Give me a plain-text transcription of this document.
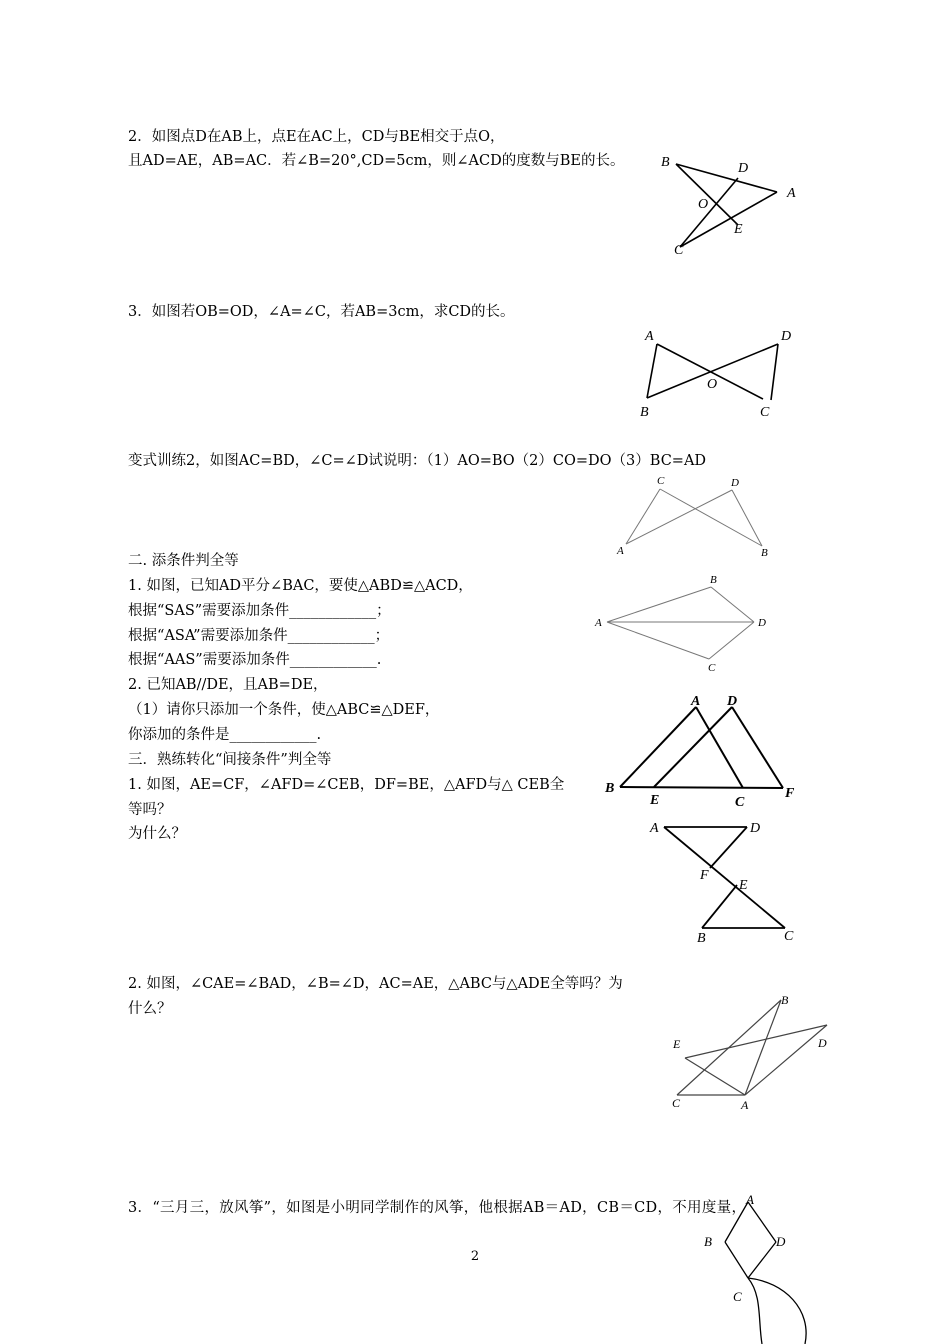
2．如图点D在AB上，点E在AC上，CD与BE相交于点O，
且AD=AE，AB=AC．若∠B=20°,CD=5cm，则∠ACD的度数与BE的长。
3．如图若OB=OD，∠A=∠C，若AB=3cm，求CD的长。
变式训练2，如图AC=BD，∠C=∠D试说明：（1）AO=BO（2）CO=DO（3）BC=AD
二. 添条件判全等
1. 如图，已知AD平分∠BAC，要使△ABD≌△ACD，
根据“SAS”需要添加条件____________；
根据“ASA”需要添加条件____________；
根据“AAS”需要添加条件____________.
2. 已知AB//DE，且AB=DE，
（1）请你只添加一个条件，使△ABC≌△DEF，
你添加的条件是____________.
三．熟练转化“间接条件”判全等
1. 如图，AE=CF，∠AFD=∠CEB，DF=BE，△AFD与△ CEB全
等吗？
为什么？
2. 如图，∠CAE=∠BAD，∠B=∠D，AC=AE，△ABC与△ADE全等吗？为
什么？
3．“三月三，放风筝”，如图是小明同学制作的风筝，他根据AB＝AD，CB＝CD，不用度量，
2
B	D
A
O
E
C
A	D
O
B	C
C	D
A	B
B
A	D
C
A D
B
E	C
F
A	D
F
E
B	C
B
E	D
C	A
A
B	D
C
